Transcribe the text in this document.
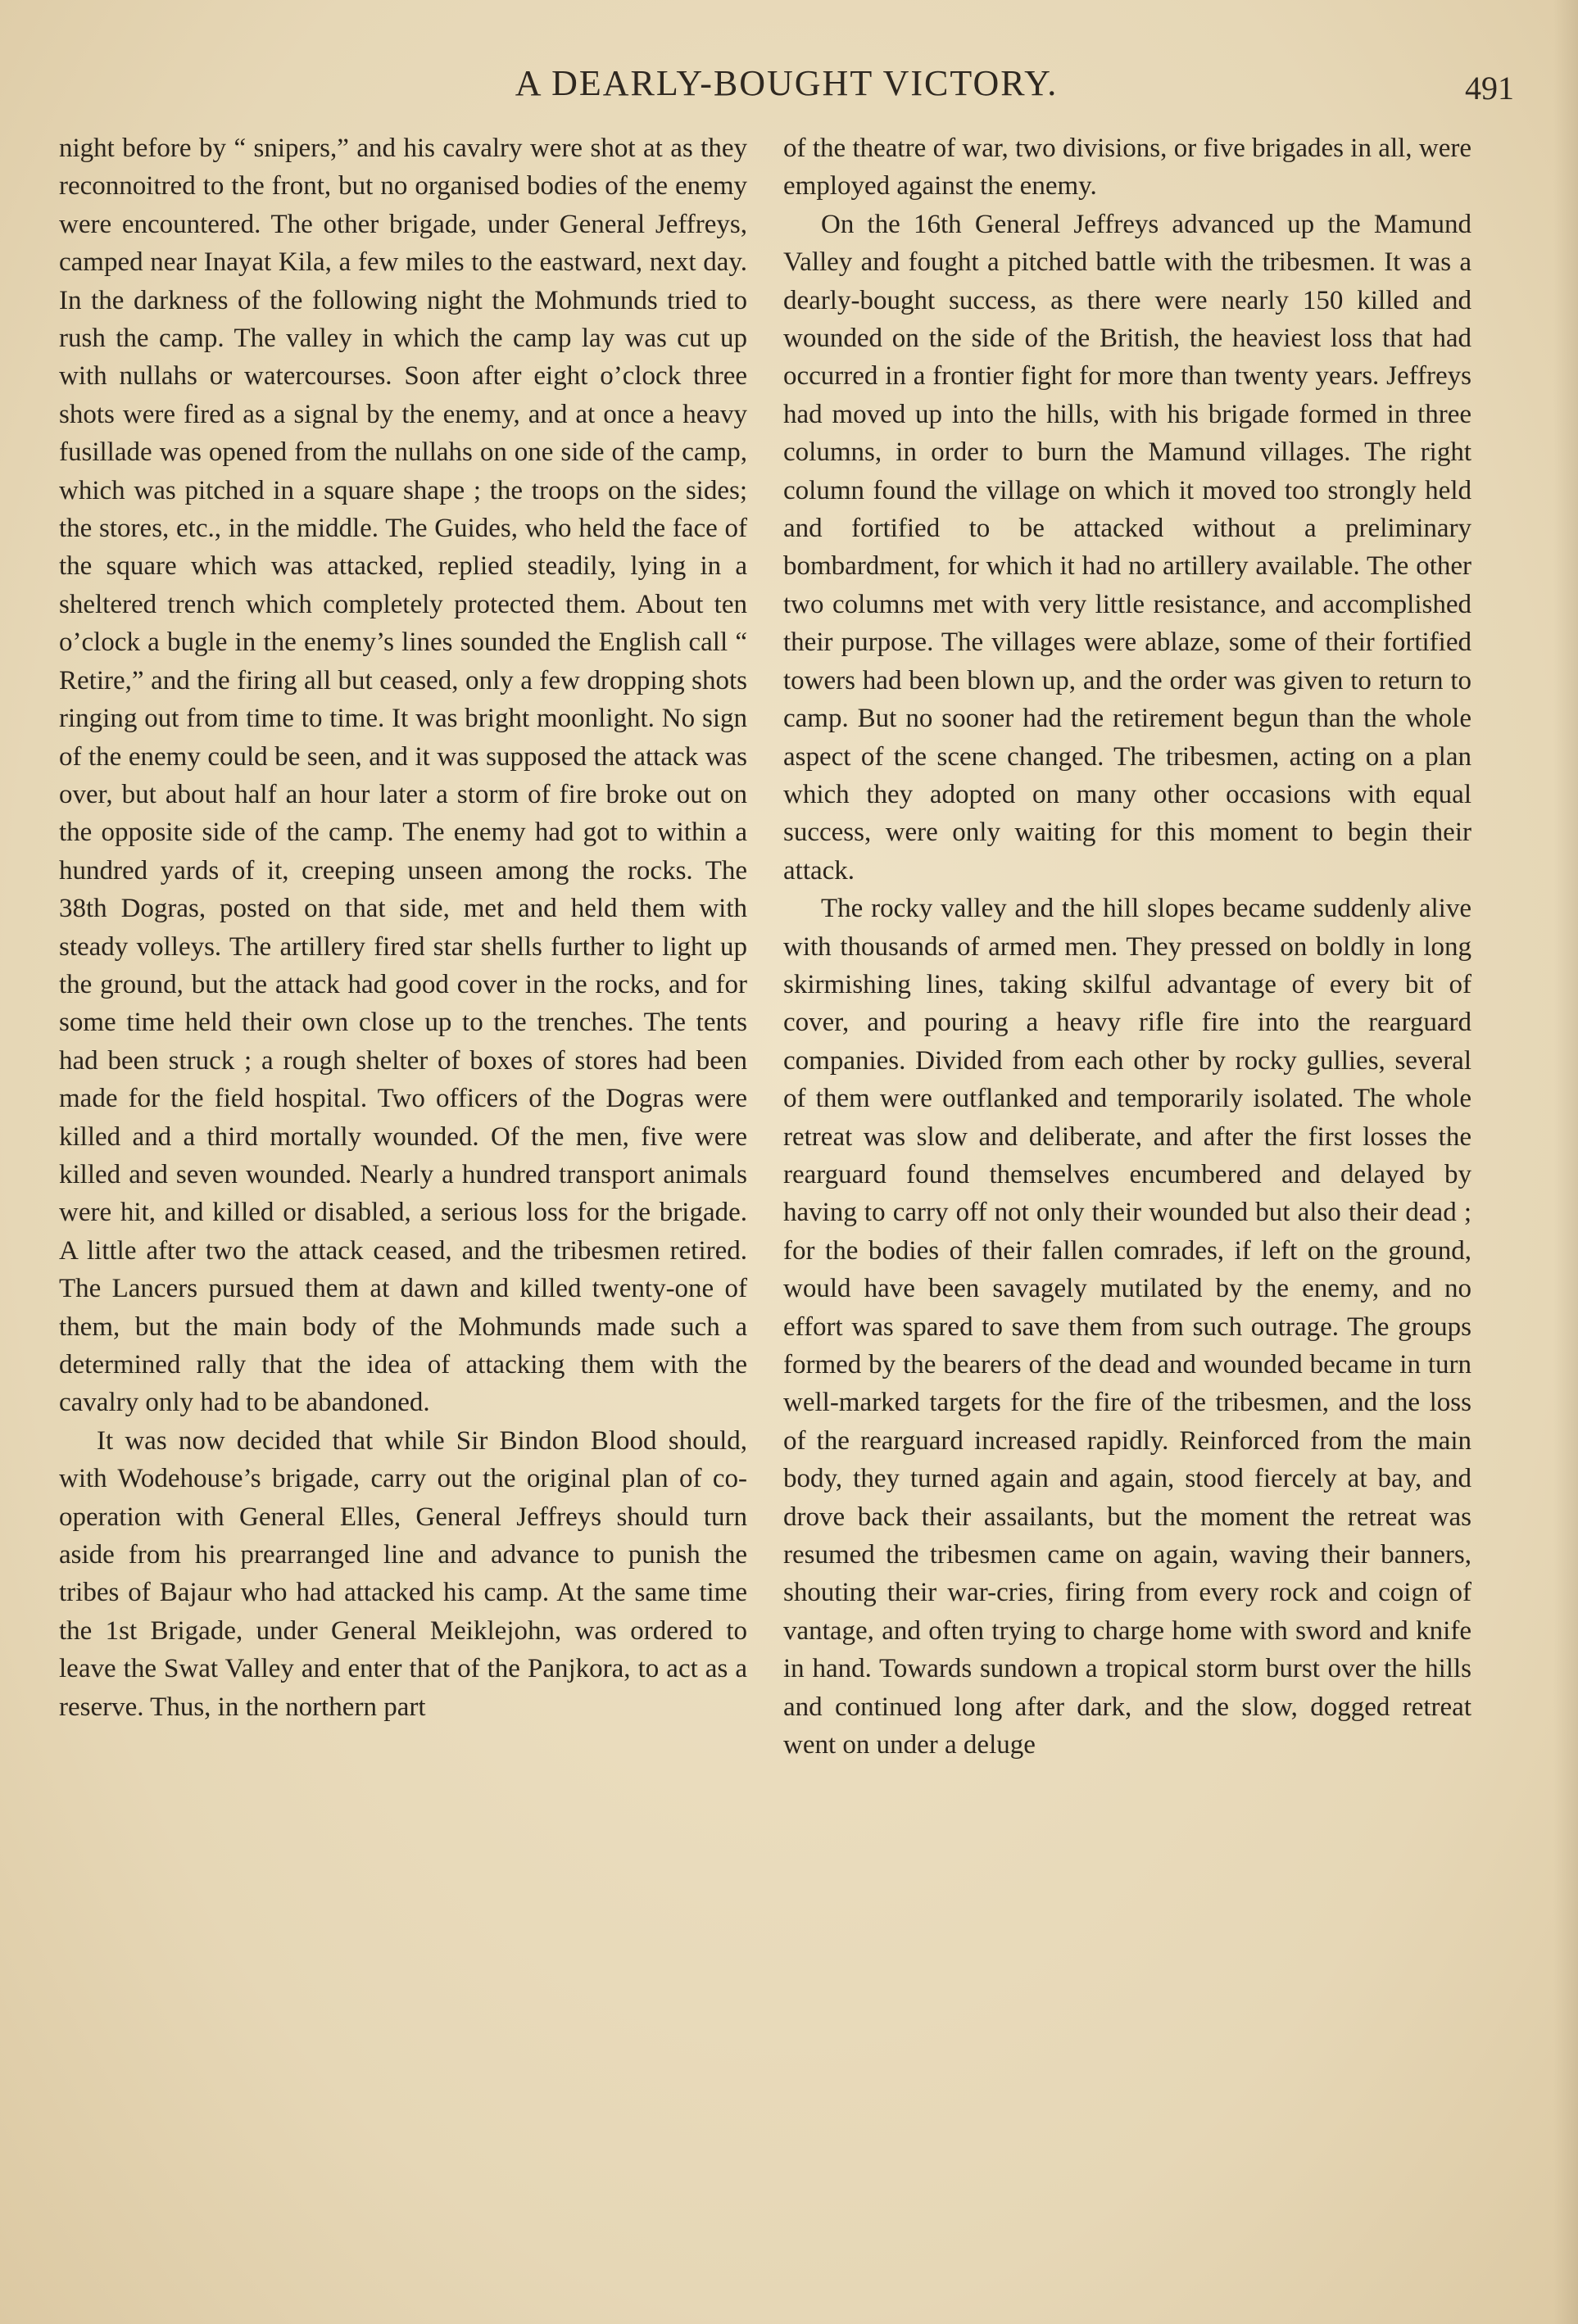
A DEARLY-BOUGHT VICTORY.	491

night before by “ snipers,” and his cavalry were shot at as they reconnoitred to the front, but no organised bodies of the enemy were encountered. The other brigade, under General Jeffreys, camped near Inayat Kila, a few miles to the eastward, next day. In the darkness of the following night the Mohmunds tried to rush the camp. The valley in which the camp lay was cut up with nullahs or watercourses. Soon after eight o’clock three shots were fired as a signal by the enemy, and at once a heavy fusillade was opened from the nullahs on one side of the camp, which was pitched in a square shape ; the troops on the sides; the stores, etc., in the middle. The Guides, who held the face of the square which was attacked, replied steadily, lying in a sheltered trench which completely protected them. About ten o’clock a bugle in the enemy’s lines sounded the English call “ Retire,” and the firing all but ceased, only a few dropping shots ringing out from time to time. It was bright moonlight. No sign of the enemy could be seen, and it was supposed the attack was over, but about half an hour later a storm of fire broke out on the opposite side of the camp. The enemy had got to within a hundred yards of it, creeping unseen among the rocks. The 38th Dogras, posted on that side, met and held them with steady volleys. The artillery fired star shells further to light up the ground, but the attack had good cover in the rocks, and for some time held their own close up to the trenches. The tents had been struck ; a rough shelter of boxes of stores had been made for the field hospital. Two officers of the Dogras were killed and a third mortally wounded. Of the men, five were killed and seven wounded. Nearly a hundred transport animals were hit, and killed or disabled, a serious loss for the brigade. A little after two the attack ceased, and the tribesmen retired. The Lancers pursued them at dawn and killed twenty-one of them, but the main body of the Mohmunds made such a determined rally that the idea of attacking them with the cavalry only had to be abandoned.

It was now decided that while Sir Bindon Blood should, with Wodehouse’s brigade, carry out the original plan of co-operation with General Elles, General Jeffreys should turn aside from his prearranged line and advance to punish the tribes of Bajaur who had attacked his camp. At the same time the 1st Brigade, under General Meiklejohn, was ordered to leave the Swat Valley and enter that of the Panjkora, to act as a reserve. Thus, in the northern part

of the theatre of war, two divisions, or five brigades in all, were employed against the enemy.

On the 16th General Jeffreys advanced up the Mamund Valley and fought a pitched battle with the tribesmen. It was a dearly-bought success, as there were nearly 150 killed and wounded on the side of the British, the heaviest loss that had occurred in a frontier fight for more than twenty years. Jeffreys had moved up into the hills, with his brigade formed in three columns, in order to burn the Mamund villages. The right column found the village on which it moved too strongly held and fortified to be attacked without a preliminary bombardment, for which it had no artillery available. The other two columns met with very little resistance, and accomplished their purpose. The villages were ablaze, some of their fortified towers had been blown up, and the order was given to return to camp. But no sooner had the retirement begun than the whole aspect of the scene changed. The tribesmen, acting on a plan which they adopted on many other occasions with equal success, were only waiting for this moment to begin their attack.

The rocky valley and the hill slopes became suddenly alive with thousands of armed men. They pressed on boldly in long skirmishing lines, taking skilful advantage of every bit of cover, and pouring a heavy rifle fire into the rearguard companies. Divided from each other by rocky gullies, several of them were outflanked and temporarily isolated. The whole retreat was slow and deliberate, and after the first losses the rearguard found themselves encumbered and delayed by having to carry off not only their wounded but also their dead ; for the bodies of their fallen comrades, if left on the ground, would have been savagely mutilated by the enemy, and no effort was spared to save them from such outrage. The groups formed by the bearers of the dead and wounded became in turn well-marked targets for the fire of the tribesmen, and the loss of the rearguard increased rapidly. Reinforced from the main body, they turned again and again, stood fiercely at bay, and drove back their assailants, but the moment the retreat was resumed the tribesmen came on again, waving their banners, shouting their war-cries, firing from every rock and coign of vantage, and often trying to charge home with sword and knife in hand. Towards sundown a tropical storm burst over the hills and continued long after dark, and the slow, dogged retreat went on under a deluge
